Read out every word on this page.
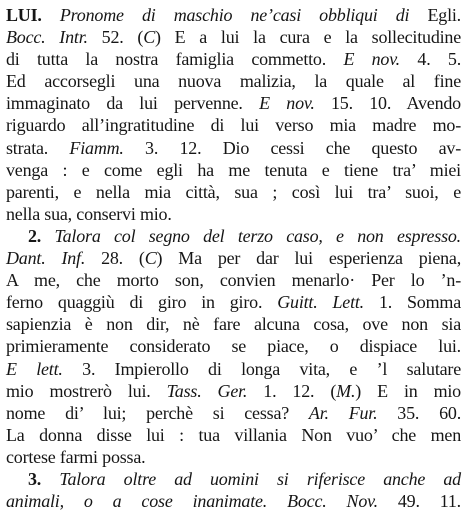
LUI. Pronome di maschio ne’casi obbliqui di Egli.
Bocc. Intr. 52. (C) E a lui la cura e la sollecitudine
di tutta la nostra famiglia commetto. E nov. 4. 5.
Ed accorsegli una nuova malizia, la quale al fine
immaginato da lui pervenne. E nov. 15. 10. Avendo
riguardo all’ingratitudine di lui verso mia madre mo-
strata. Fiamm. 3. 12. Dio cessi che questo av-
venga : e come egli ha me tenuta e tiene tra’ miei
parenti, e nella mia città, sua ; così lui tra’ suoi, e
nella sua, conservi mio.
2. Talora col segno del terzo caso, e non espresso.
Dant. Inf. 28. (C) Ma per dar lui esperienza piena,
A me, che morto son, convien menarlo· Per lo ’n-
ferno quaggiù di giro in giro. Guitt. Lett. 1. Somma
sapienzia è non dir, nè fare alcuna cosa, ove non sia
primieramente considerato se piace, o dispiace lui.
E lett. 3. Impierollo di longa vita, e ’l salutare
mio mostrerò lui. Tass. Ger. 1. 12. (M.) E in mio
nome di’ lui; perchè si cessa? Ar. Fur. 35. 60.
La donna disse lui : tua villania Non vuo’ che men
cortese farmi possa.
3. Talora oltre ad uomini si riferisce anche ad
animali, o a cose inanimate. Bocc. Nov. 49. 11.
